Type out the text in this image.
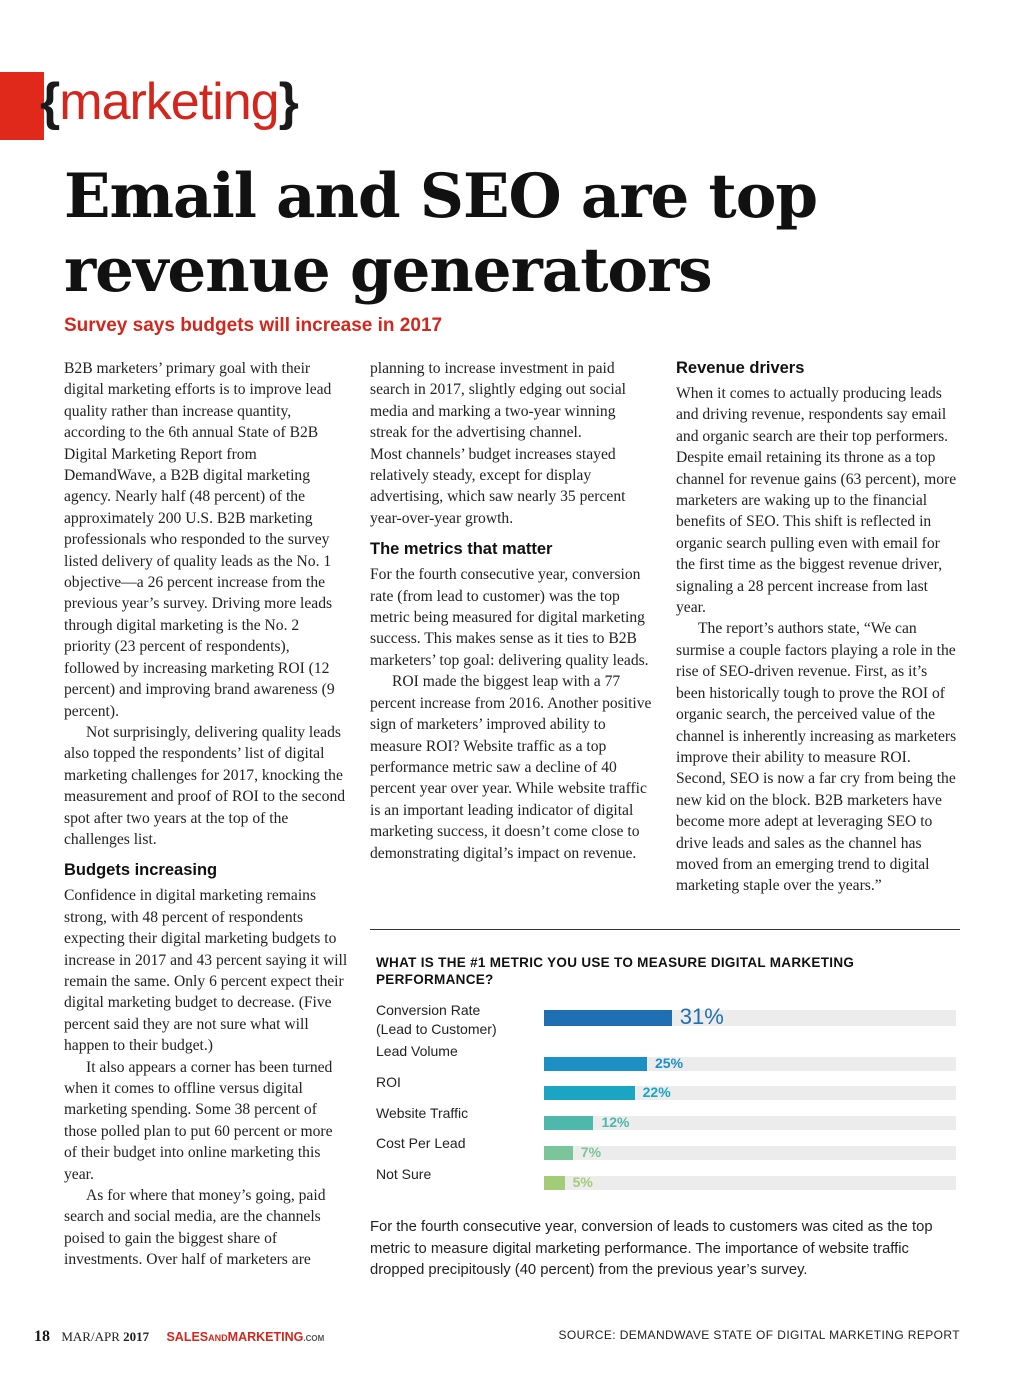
{marketing}
Email and SEO are top revenue generators
Survey says budgets will increase in 2017

B2B marketers’ primary goal with their digital marketing efforts is to improve lead quality rather than increase quantity, according to the 6th annual State of B2B Digital Marketing Report from DemandWave, a B2B digital marketing agency. Nearly half (48 percent) of the approximately 200 U.S. B2B marketing professionals who responded to the survey listed delivery of quality leads as the No. 1 objective—a 26 percent increase from the previous year’s survey. Driving more leads through digital marketing is the No. 2 priority (23 percent of respondents), followed by increasing marketing ROI (12 percent) and improving brand awareness (9 percent).

Not surprisingly, delivering quality leads also topped the respondents’ list of digital marketing challenges for 2017, knocking the measurement and proof of ROI to the second spot after two years at the top of the challenges list.

Budgets increasing

Confidence in digital marketing remains strong, with 48 percent of respondents expecting their digital marketing budgets to increase in 2017 and 43 percent saying it will remain the same. Only 6 percent expect their digital marketing budget to decrease. (Five percent said they are not sure what will happen to their budget.)

It also appears a corner has been turned when it comes to offline versus digital marketing spending. Some 38 percent of those polled plan to put 60 percent or more of their budget into online marketing this year.

As for where that money’s going, paid search and social media, are the channels poised to gain the biggest share of investments. Over half of marketers are

planning to increase investment in paid search in 2017, slightly edging out social media and marking a two-year winning streak for the advertising channel.

Most channels’ budget increases stayed relatively steady, except for display advertising, which saw nearly 35 percent year-over-year growth.

The metrics that matter

For the fourth consecutive year, conversion rate (from lead to customer) was the top metric being measured for digital marketing success. This makes sense as it ties to B2B marketers’ top goal: delivering quality leads.

ROI made the biggest leap with a 77 percent increase from 2016. Another positive sign of marketers’ improved ability to measure ROI? Website traffic as a top performance metric saw a decline of 40 percent year over year. While website traffic is an important leading indicator of digital marketing success, it doesn’t come close to demonstrating digital’s impact on revenue.

Revenue drivers

When it comes to actually producing leads and driving revenue, respondents say email and organic search are their top performers. Despite email retaining its throne as a top channel for revenue gains (63 percent), more marketers are waking up to the financial benefits of SEO. This shift is reflected in organic search pulling even with email for the first time as the biggest revenue driver, signaling a 28 percent increase from last year.

The report’s authors state, “We can surmise a couple factors playing a role in the rise of SEO-driven revenue. First, as it’s been historically tough to prove the ROI of organic search, the perceived value of the channel is inherently increasing as marketers improve their ability to measure ROI. Second, SEO is now a far cry from being the new kid on the block. B2B marketers have become more adept at leveraging SEO to drive leads and sales as the channel has moved from an emerging trend to digital marketing staple over the years.”

WHAT IS THE #1 METRIC YOU USE TO MEASURE DIGITAL MARKETING PERFORMANCE?
Conversion Rate
(Lead to Customer)	31%
Lead Volume
25%
ROI
22%
Website Traffic
12%
Cost Per Lead
7%
Not Sure	5%

For the fourth consecutive year, conversion of leads to customers was cited as the top metric to measure digital marketing performance. The importance of website traffic dropped precipitously (40 percent) from the previous year’s survey.

18 MAR/APR 2017 SALESANDMARKETING.COM	SOURCE: DEMANDWAVE STATE OF DIGITAL MARKETING REPORT
